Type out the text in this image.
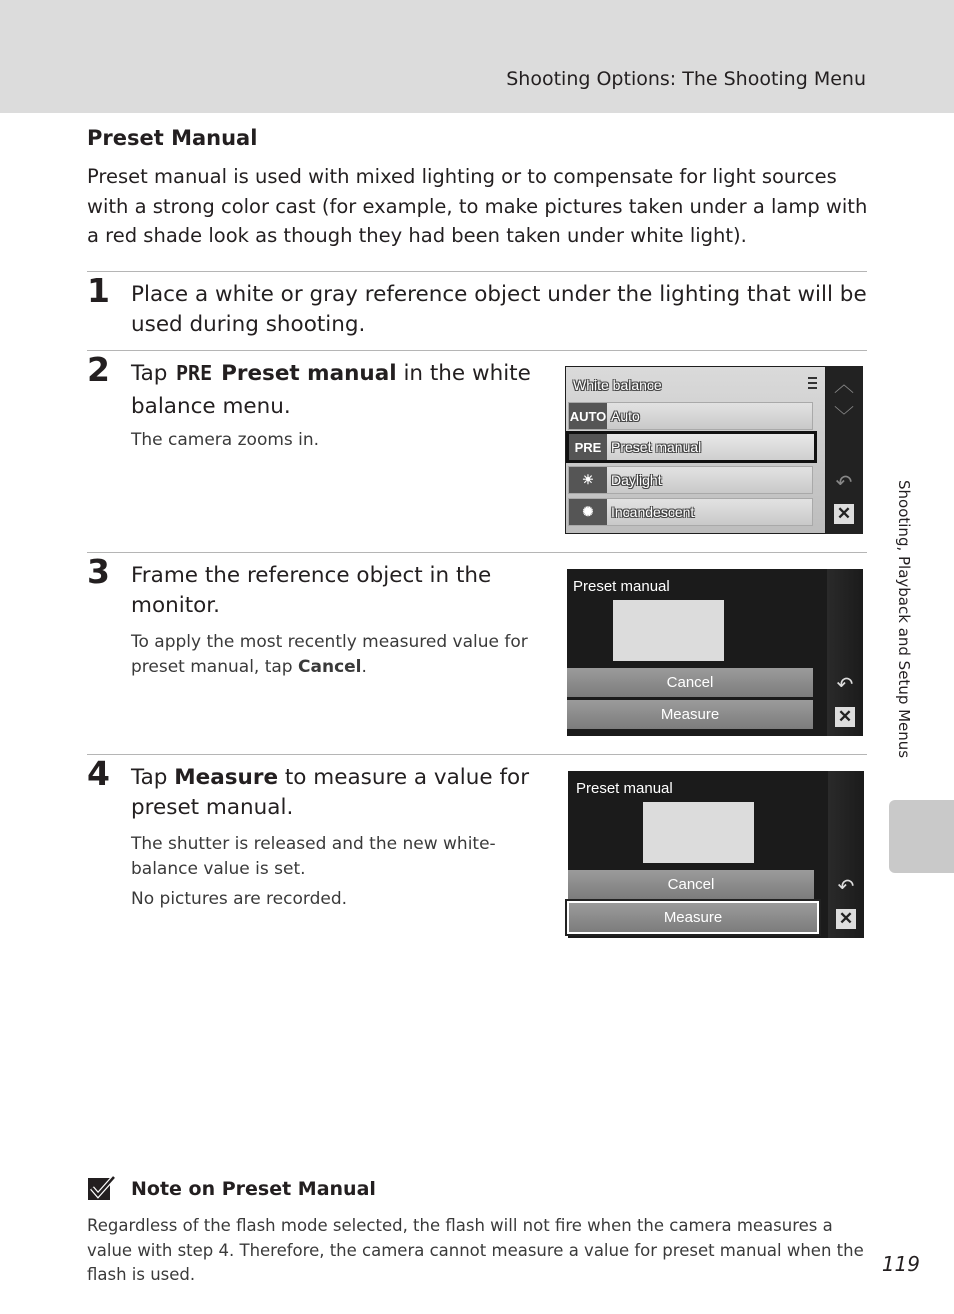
Shooting Options: The Shooting Menu
Preset Manual
Preset manual is used with mixed lighting or to compensate for light sources with a strong color cast (for example, to make pictures taken under a lamp with a red shade look as though they had been taken under white light).
1 Place a white or gray reference object under the lighting that will be used during shooting.
2 Tap PRE Preset manual in the white balance menu.
The camera zooms in.
White balance
AUTO Auto
PRE Preset manual
☀	Daylight
✺	Incandescent
︿
﹀
↶
✕
3 Frame the reference object in the monitor.
To apply the most recently measured value for preset manual, tap Cancel.
Preset manual
Cancel
Measure
↶
✕
4 Tap Measure to measure a value for preset manual.
The shutter is released and the new white-balance value is set.
No pictures are recorded.
Preset manual
Cancel
Measure
↶
✕
Shooting, Playback and Setup Menus
Note on Preset Manual
Regardless of the flash mode selected, the flash will not fire when the camera measures a value with step 4. Therefore, the camera cannot measure a value for preset manual when the flash is used.	119
